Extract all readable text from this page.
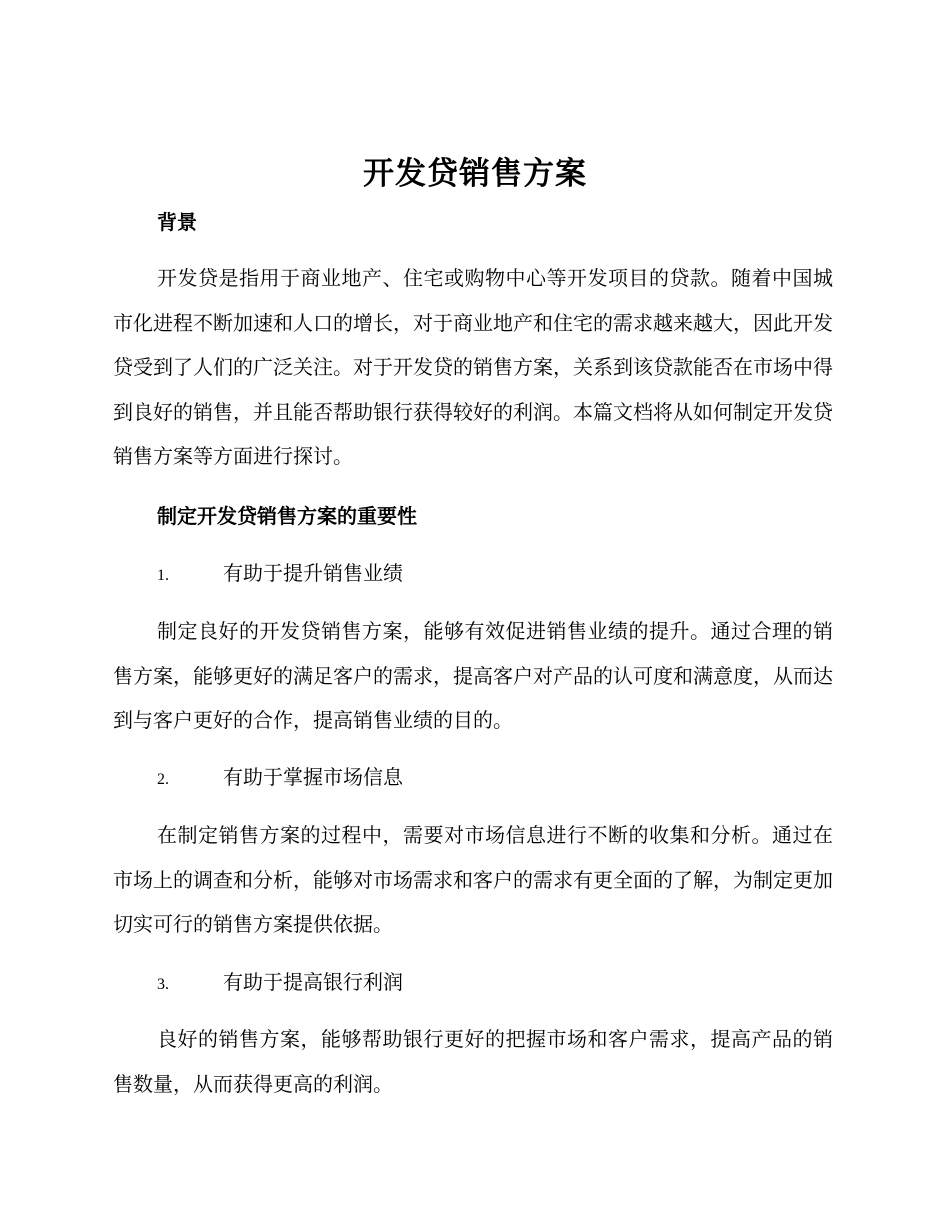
开发贷销售方案
背景
开发贷是指用于商业地产、住宅或购物中心等开发项目的贷款。随着中国城市化进程不断加速和人口的增长，对于商业地产和住宅的需求越来越大，因此开发贷受到了人们的广泛关注。对于开发贷的销售方案，关系到该贷款能否在市场中得到良好的销售，并且能否帮助银行获得较好的利润。本篇文档将从如何制定开发贷销售方案等方面进行探讨。
制定开发贷销售方案的重要性
1.	有助于提升销售业绩
制定良好的开发贷销售方案，能够有效促进销售业绩的提升。通过合理的销售方案，能够更好的满足客户的需求，提高客户对产品的认可度和满意度，从而达到与客户更好的合作，提高销售业绩的目的。
2.	有助于掌握市场信息
在制定销售方案的过程中，需要对市场信息进行不断的收集和分析。通过在市场上的调查和分析，能够对市场需求和客户的需求有更全面的了解，为制定更加切实可行的销售方案提供依据。
3.	有助于提高银行利润
良好的销售方案，能够帮助银行更好的把握市场和客户需求，提高产品的销售数量，从而获得更高的利润。
